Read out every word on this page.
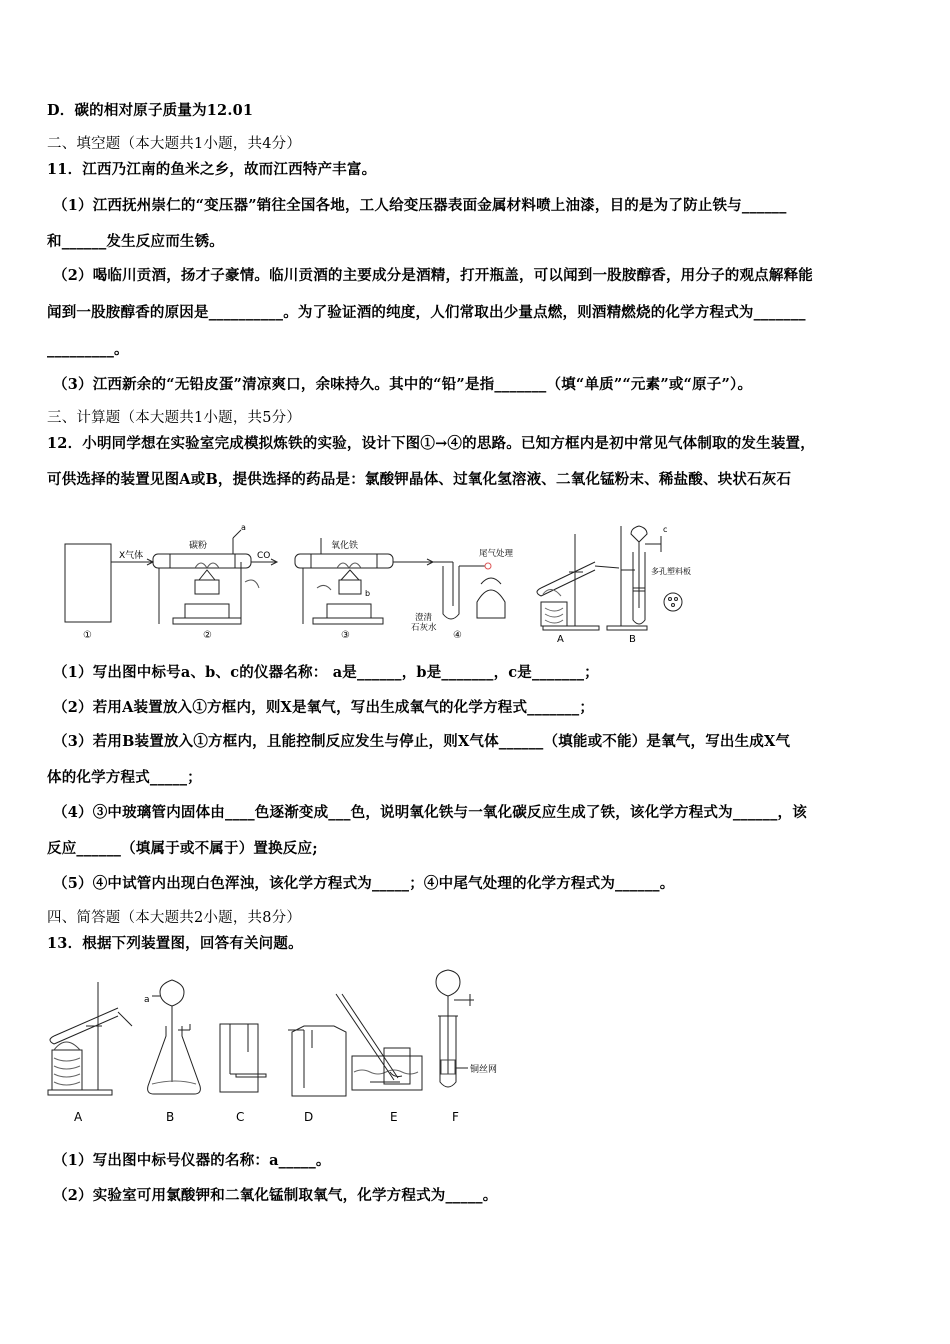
D．碳的相对原子质量为12.01
二、填空题（本大题共1小题，共4分）
11．江西乃江南的鱼米之乡，故而江西特产丰富。
（1）江西抚州崇仁的“变压器”销往全国各地，工人给变压器表面金属材料喷上油漆，目的是为了防止铁与______
和______发生反应而生锈。
（2）喝临川贡酒，扬才子豪情。临川贡酒的主要成分是酒精，打开瓶盖，可以闻到一股胺醇香，用分子的观点解释能
闻到一股胺醇香的原因是__________。为了验证酒的纯度，人们常取出少量点燃，则酒精燃烧的化学方程式为_______
_________。
（3）江西新余的“无铅皮蛋”清凉爽口，余味持久。其中的“铅”是指_______（填“单质”“元素”或“原子”）。
三、计算题（本大题共1小题，共5分）
12．小明同学想在实验室完成模拟炼铁的实验，设计下图①→④的思路。已知方框内是初中常见气体制取的发生装置，
可供选择的装置见图A或B，提供选择的药品是：氯酸钾晶体、过氧化氢溶液、二氧化锰粉末、稀盐酸、块状石灰石
X气体	CO
碳粉	氧化铁
澄清
石灰水
尾气处理
多孔塑料板
a
b
c
①	②	③	④	A	B
（1）写出图中标号a、b、c的仪器名称： a是______，b是_______，c是_______；
（2）若用A装置放入①方框内，则X是氧气，写出生成氧气的化学方程式_______；
（3）若用B装置放入①方框内，且能控制反应发生与停止，则X气体______（填能或不能）是氧气，写出生成X气
体的化学方程式_____；
（4）③中玻璃管内固体由____色逐渐变成___色，说明氧化铁与一氧化碳反应生成了铁，该化学方程式为______，该
反应______（填属于或不属于）置换反应;
（5）④中试管内出现白色浑浊，该化学方程式为_____；④中尾气处理的化学方程式为______。
四、简答题（本大题共2小题，共8分）
13．根据下列装置图，回答有关问题。
a
铜丝网
A	B	C	D	E	F
（1）写出图中标号仪器的名称：a_____。
（2）实验室可用氯酸钾和二氧化锰制取氧气，化学方程式为_____。
